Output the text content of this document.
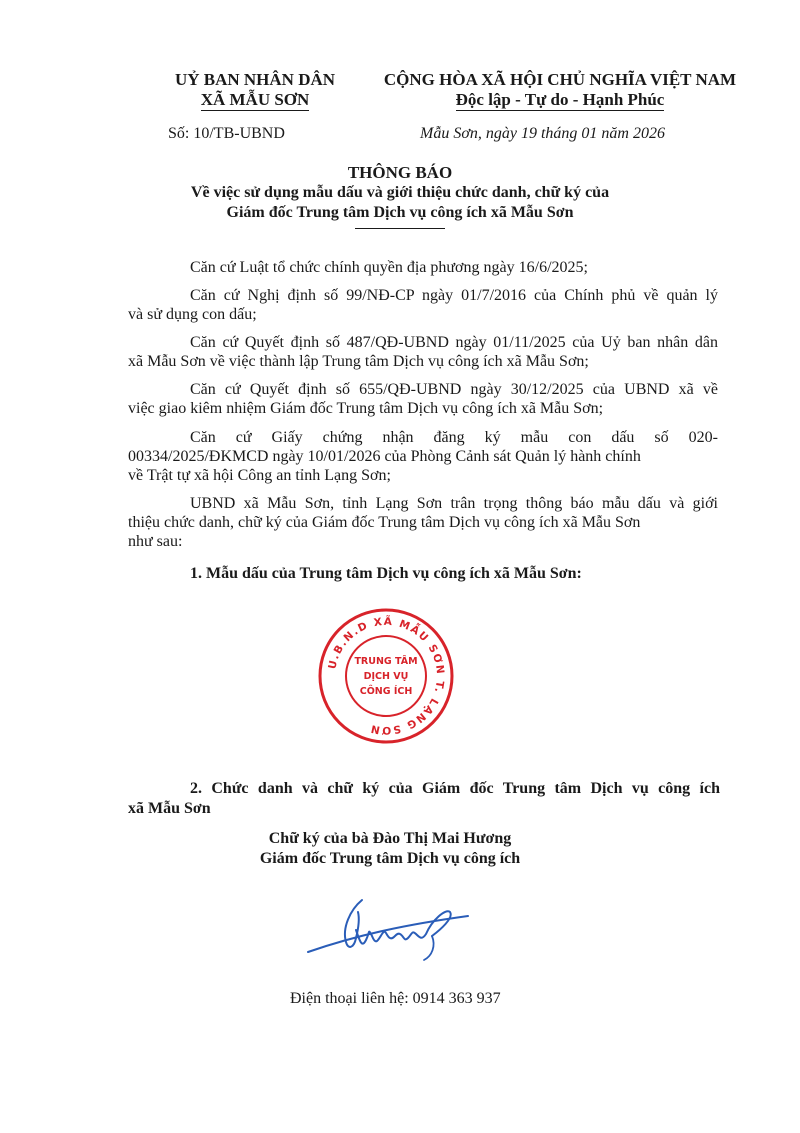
UỶ BAN NHÂN DÂN
XÃ MẪU SƠN
CỘNG HÒA XÃ HỘI CHỦ NGHĨA VIỆT NAM
Độc lập - Tự do - Hạnh Phúc
Số: 10/TB-UBND	Mẫu Sơn, ngày 19 tháng 01 năm 2026
THÔNG BÁO
Về việc sử dụng mẫu dấu và giới thiệu chức danh, chữ ký của
Giám đốc Trung tâm Dịch vụ công ích xã Mẫu Sơn
Căn cứ Luật tổ chức chính quyền địa phương ngày 16/6/2025;
Căn cứ Nghị định số 99/NĐ-CP ngày 01/7/2016 của Chính phủ về quản lý
và sử dụng con dấu;
Căn cứ Quyết định số 487/QĐ-UBND ngày 01/11/2025 của Uỷ ban nhân dân
xã Mẫu Sơn về việc thành lập Trung tâm Dịch vụ công ích xã Mẫu Sơn;
Căn cứ Quyết định số 655/QĐ-UBND ngày 30/12/2025 của UBND xã về
việc giao kiêm nhiệm Giám đốc Trung tâm Dịch vụ công ích xã Mẫu Sơn;
Căn cứ Giấy chứng nhận đăng ký mẫu con dấu số 020-
00334/2025/ĐKMCD ngày 10/01/2026 của Phòng Cảnh sát Quản lý hành chính
về Trật tự xã hội Công an tỉnh Lạng Sơn;
UBND xã Mẫu Sơn, tỉnh Lạng Sơn trân trọng thông báo mẫu dấu và giới
thiệu chức danh, chữ ký của Giám đốc Trung tâm Dịch vụ công ích xã Mẫu Sơn
như sau:
1. Mẫu dấu của Trung tâm Dịch vụ công ích xã Mẫu Sơn:
U.B.N.D XÃ MẪU SƠN T. LẠNG SƠN
TRUNG TÂM
DỊCH VỤ
CÔNG ÍCH
2. Chức danh và chữ ký của Giám đốc Trung tâm Dịch vụ công ích
xã Mẫu Sơn
Chữ ký của bà Đào Thị Mai Hương
Giám đốc Trung tâm Dịch vụ công ích
Điện thoại liên hệ: 0914 363 937
